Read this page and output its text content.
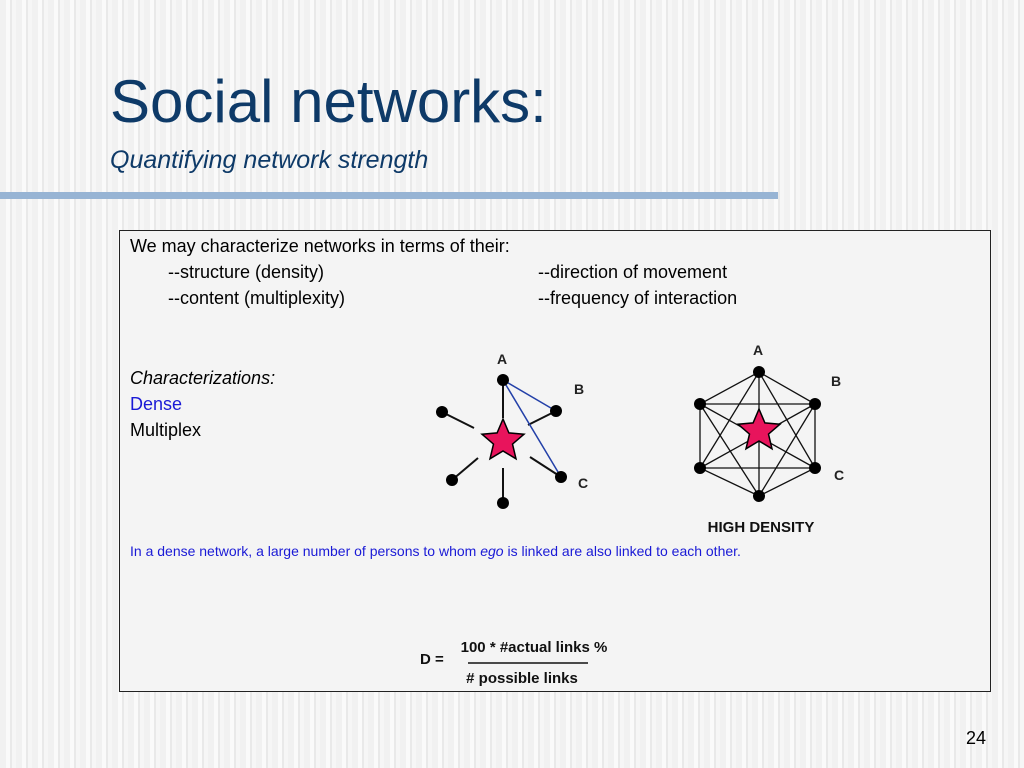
Social networks:
Quantifying network strength
We may characterize networks in terms of their:
--structure (density)
--content (multiplexity)
--direction of movement
--frequency of interaction
Characterizations:
Dense
Multiplex
A
B
C
A
B
C
HIGH DENSITY
In a dense network, a large number of persons to whom ego is linked are also linked to each other.
D =
100 * #actual links %
# possible links
24
